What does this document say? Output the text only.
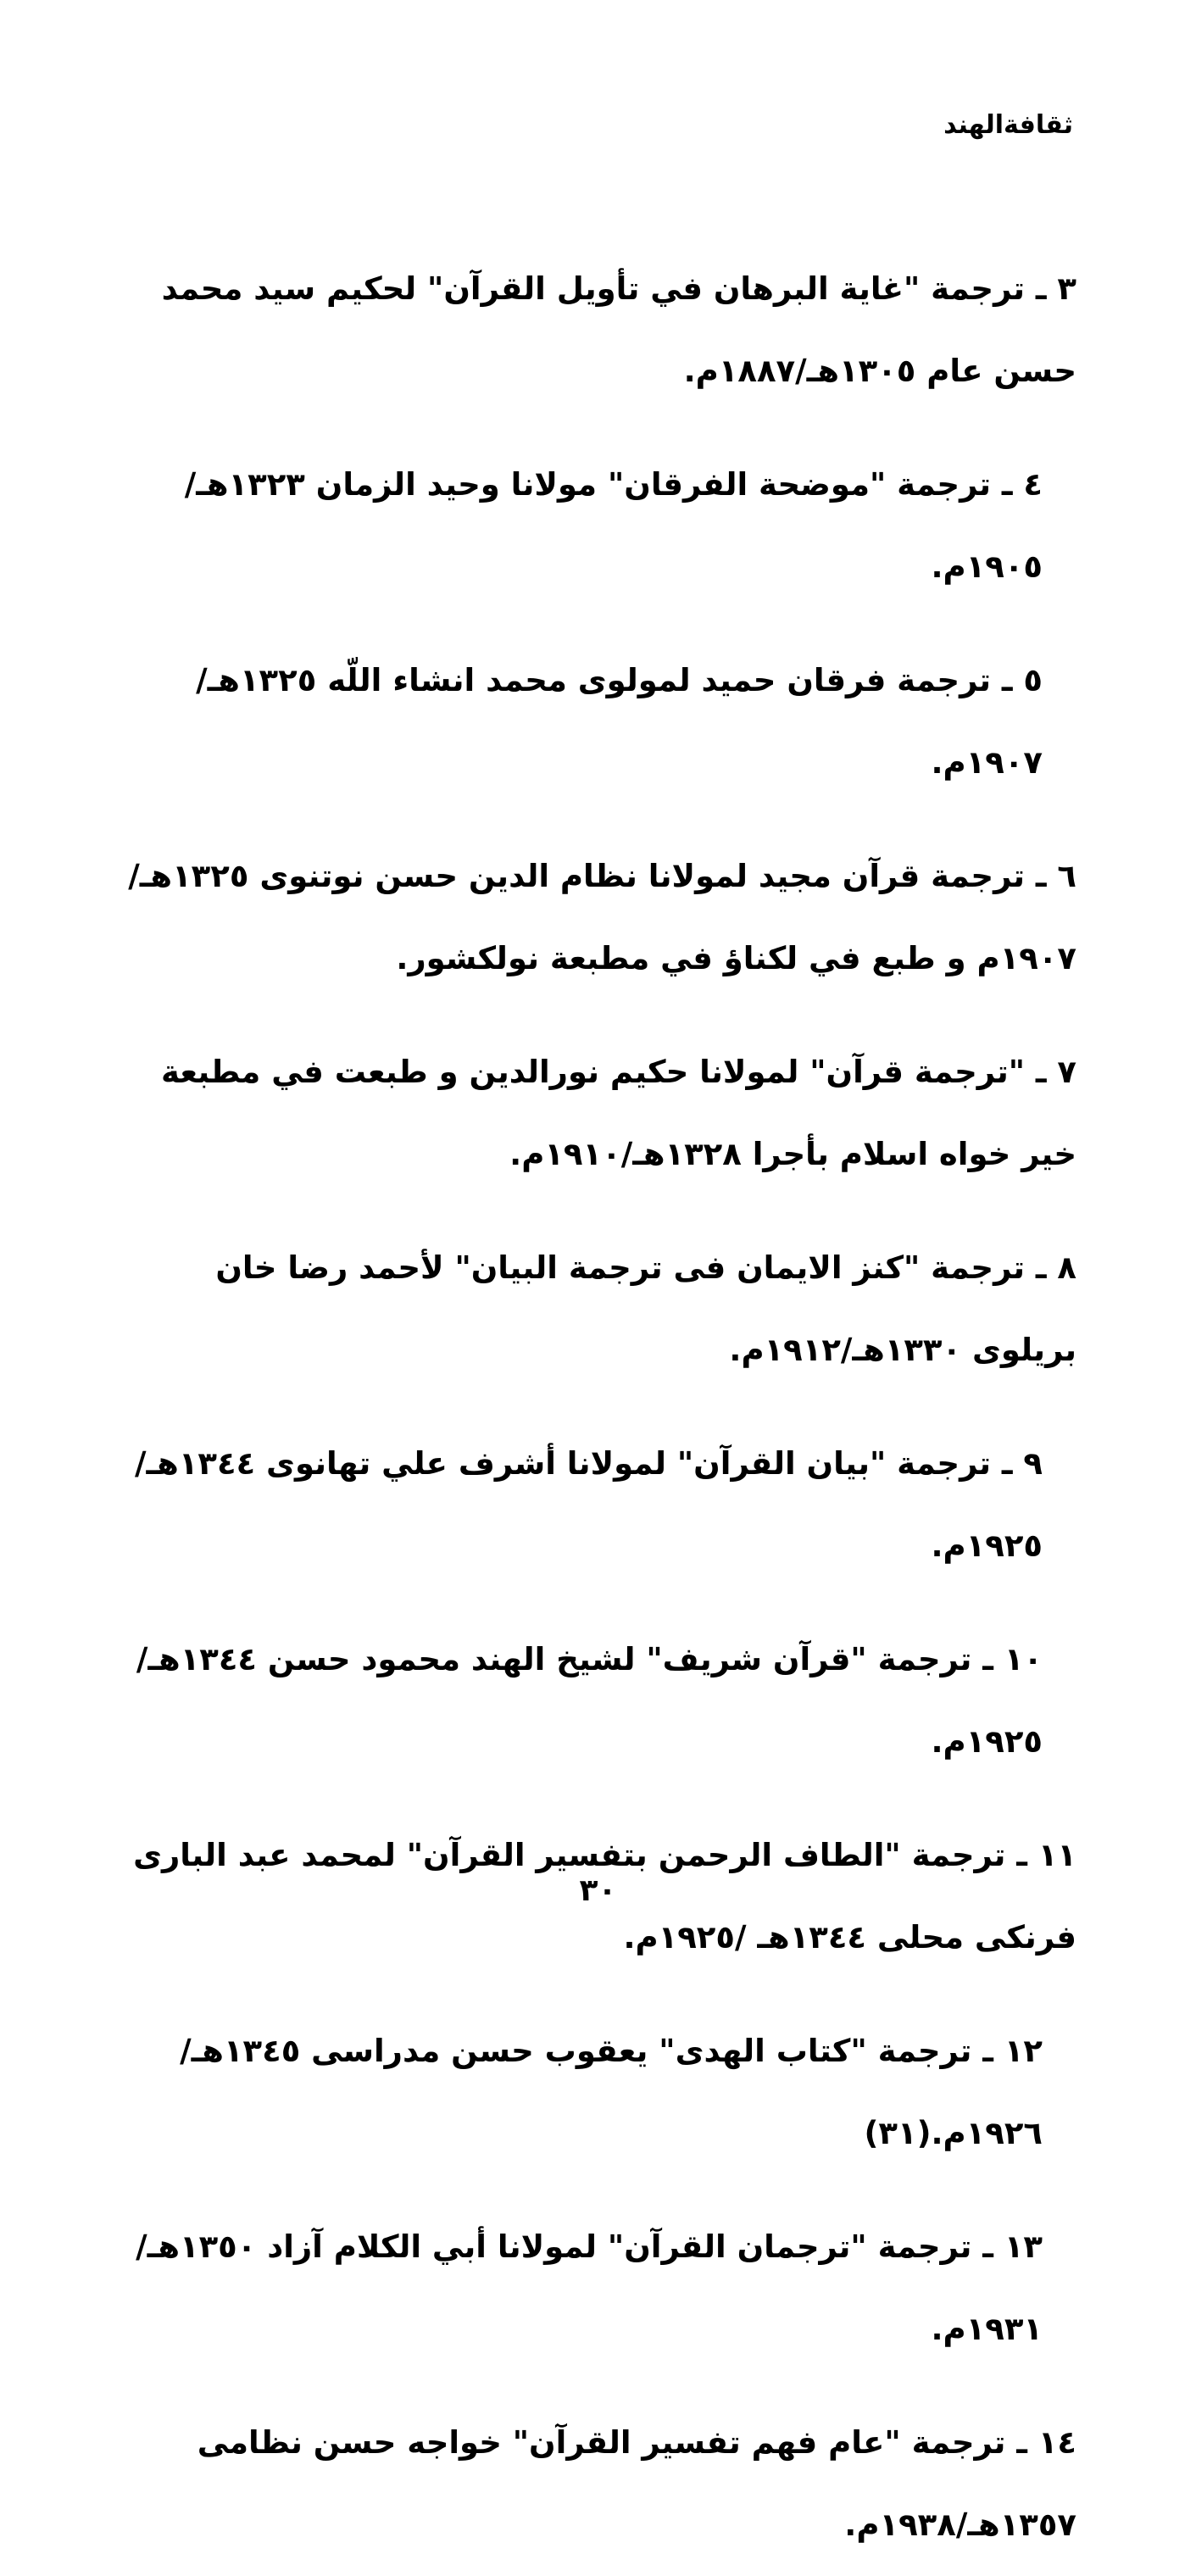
ثقافةالهند

٣ ـ ترجمة "غاية البرهان في تأويل القرآن" لحكيم سيد محمد حسن عام ١٣٠٥هـ/١٨٨٧م.

٤ ـ ترجمة "موضحة الفرقان" مولانا وحيد الزمان ١٣٢٣هـ/١٩٠٥م.

٥ ـ ترجمة فرقان حميد لمولوى محمد انشاء اللّه ١٣٢٥هـ/١٩٠٧م.

٦ ـ ترجمة قرآن مجيد لمولانا نظام الدين حسن نوتنوى ١٣٢٥هـ/١٩٠٧م و طبع في لكناؤ في مطبعة نولكشور.

٧ ـ "ترجمة قرآن" لمولانا حكيم نورالدين و طبعت في مطبعة خير خواه اسلام بأجرا ١٣٢٨هـ/١٩١٠م.

٨ ـ ترجمة "كنز الايمان فى ترجمة البيان" لأحمد رضا خان بريلوى ١٣٣٠هـ/١٩١٢م.

٩ ـ ترجمة "بيان القرآن" لمولانا أشرف علي تهانوى ١٣٤٤هـ/١٩٢٥م.

١٠ ـ ترجمة "قرآن شريف" لشيخ الهند محمود حسن ١٣٤٤هـ/١٩٢٥م.

١١ ـ ترجمة "الطاف الرحمن بتفسير القرآن" لمحمد عبد البارى فرنكى محلى ١٣٤٤هـ /١٩٢٥م.

١٢ ـ ترجمة "كتاب الهدى" يعقوب حسن مدراسى ١٣٤٥هـ/١٩٢٦م.(٣١)

١٣ ـ ترجمة "ترجمان القرآن" لمولانا أبي الكلام آزاد ١٣٥٠هـ/١٩٣١م.

١٤ ـ ترجمة "عام فهم تفسير القرآن" خواجه حسن نظامى ١٣٥٧هـ/١٩٣٨م.

٣٠
